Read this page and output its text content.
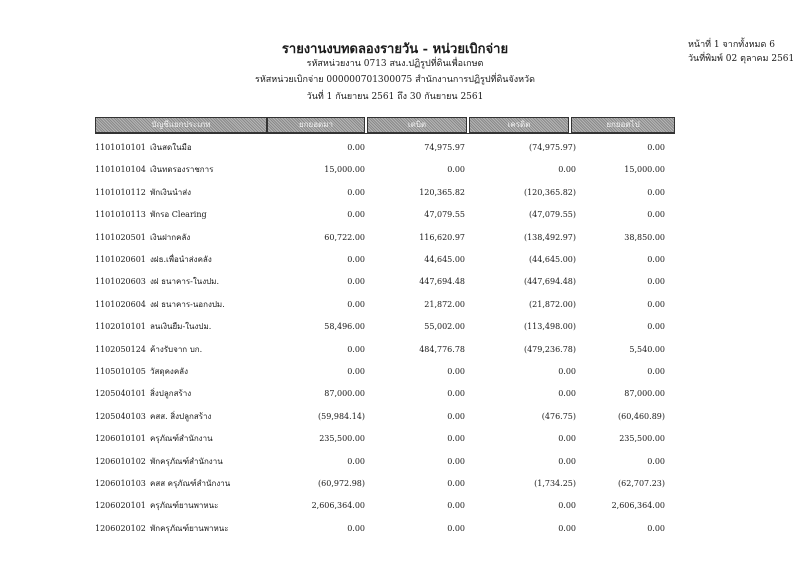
รายงานงบทดลองรายวัน - หน่วยเบิกจ่าย
รหัสหน่วยงาน 0713 สนง.ปฏิรูปที่ดินเพื่อเกษต
รหัสหน่วยเบิกจ่าย 000000701300075 สำนักงานการปฏิรูปที่ดินจังหวัด
วันที่ 1 กันยายน 2561 ถึง 30 กันยายน 2561
หน้าที่ 1 จากทั้งหมด 6
วันที่พิมพ์ 02 ตุลาคม 2561
บัญชีแยกประเภท	ยกยอดมา	เดบิต	เครดิต	ยกยอดไป
1101010101 เงินสดในมือ	0.00	74,975.97	(74,975.97)	0.00
1101010104 เงินทดรองราชการ	15,000.00	0.00	0.00	15,000.00
1101010112 พักเงินนำส่ง	0.00	120,365.82	(120,365.82)	0.00
1101010113 พักรอ Clearing	0.00	47,079.55	(47,079.55)	0.00
1101020501 เงินฝากคลัง	60,722.00	116,620.97	(138,492.97)	38,850.00
1101020601 งฝธ.เพื่อนำส่งคลัง	0.00	44,645.00	(44,645.00)	0.00
1101020603 งฝ ธนาคาร-ในงปม.	0.00	447,694.48	(447,694.48)	0.00
1101020604 งฝ ธนาคาร-นอกงปม.	0.00	21,872.00	(21,872.00)	0.00
1102010101 ลนเงินยืม-ในงปม.	58,496.00	55,002.00	(113,498.00)	0.00
1102050124 ค้างรับจาก บก.	0.00	484,776.78	(479,236.78)	5,540.00
1105010105 วัสดุคงคลัง	0.00	0.00	0.00	0.00
1205040101 สิ่งปลูกสร้าง	87,000.00	0.00	0.00	87,000.00
1205040103 คสส. สิ่งปลูกสร้าง	(59,984.14)	0.00	(476.75)	(60,460.89)
1206010101 ครุภัณฑ์สำนักงาน	235,500.00	0.00	0.00	235,500.00
1206010102 พักครุภัณฑ์สำนักงาน	0.00	0.00	0.00	0.00
1206010103 คสส ครุภัณฑ์สำนักงาน	(60,972.98)	0.00	(1,734.25)	(62,707.23)
1206020101 ครุภัณฑ์ยานพาหนะ	2,606,364.00	0.00	0.00	2,606,364.00
1206020102 พักครุภัณฑ์ยานพาหนะ	0.00	0.00	0.00	0.00
